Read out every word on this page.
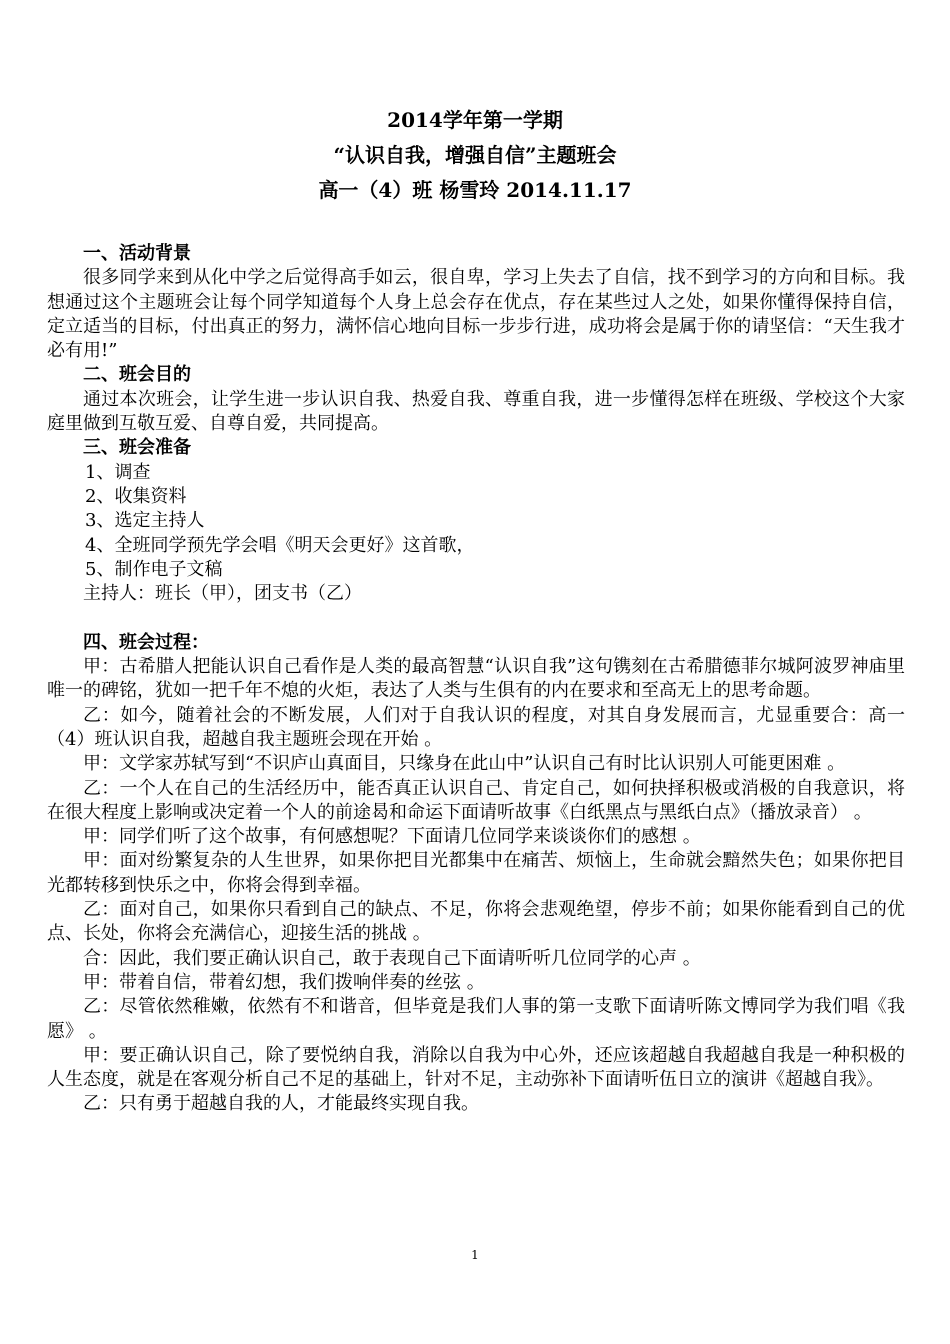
2014学年第一学期
“认识自我，增强自信”主题班会
高一（4）班 杨雪玲 2014.11.17
一、活动背景

很多同学来到从化中学之后觉得高手如云，很自卑，学习上失去了自信，找不到学习的方向和目标。我想通过这个主题班会让每个同学知道每个人身上总会存在优点，存在某些过人之处，如果你懂得保持自信，定立适当的目标，付出真正的努力，满怀信心地向目标一步步行进，成功将会是属于你的请坚信：“天生我才必有用!”

二、班会目的

通过本次班会，让学生进一步认识自我、热爱自我、尊重自我，进一步懂得怎样在班级、学校这个大家庭里做到互敬互爱、自尊自爱，共同提高。

三、班会准备
1、调查
2、收集资料
3、选定主持人
4、全班同学预先学会唱《明天会更好》这首歌，
5、制作电子文稿
主持人：班长（甲），团支书（乙）
四、班会过程：

甲：古希腊人把能认识自己看作是人类的最高智慧“认识自我”这句镌刻在古希腊德菲尔城阿波罗神庙里唯一的碑铭，犹如一把千年不熄的火炬，表达了人类与生俱有的内在要求和至高无上的思考命题。

乙：如今，随着社会的不断发展，人们对于自我认识的程度，对其自身发展而言，尤显重要合：高一（4）班认识自我，超越自我主题班会现在开始 。

甲：文学家苏轼写到“不识庐山真面目，只缘身在此山中”认识自己有时比认识别人可能更困难 。

乙：一个人在自己的生活经历中，能否真正认识自己、肯定自己，如何抉择积极或消极的自我意识，将在很大程度上影响或决定着一个人的前途曷和命运下面请听故事《白纸黑点与黑纸白点》（播放录音） 。

甲：同学们听了这个故事，有何感想呢？下面请几位同学来谈谈你们的感想 。

甲：面对纷繁复杂的人生世界，如果你把目光都集中在痛苦、烦恼上，生命就会黯然失色；如果你把目光都转移到快乐之中，你将会得到幸福。

乙：面对自己，如果你只看到自己的缺点、不足，你将会悲观绝望，停步不前；如果你能看到自己的优点、长处，你将会充满信心，迎接生活的挑战 。

合：因此，我们要正确认识自己，敢于表现自己下面请听听几位同学的心声 。

甲：带着自信，带着幻想，我们拨响伴奏的丝弦 。

乙：尽管依然稚嫩，依然有不和谐音，但毕竟是我们人事的第一支歌下面请听陈文博同学为我们唱《我愿》 。

甲：要正确认识自己，除了要悦纳自我，消除以自我为中心外，还应该超越自我超越自我是一种积极的人生态度，就是在客观分析自己不足的基础上，针对不足，主动弥补下面请听伍日立的演讲《超越自我》。

乙：只有勇于超越自我的人，才能最终实现自我。

1
